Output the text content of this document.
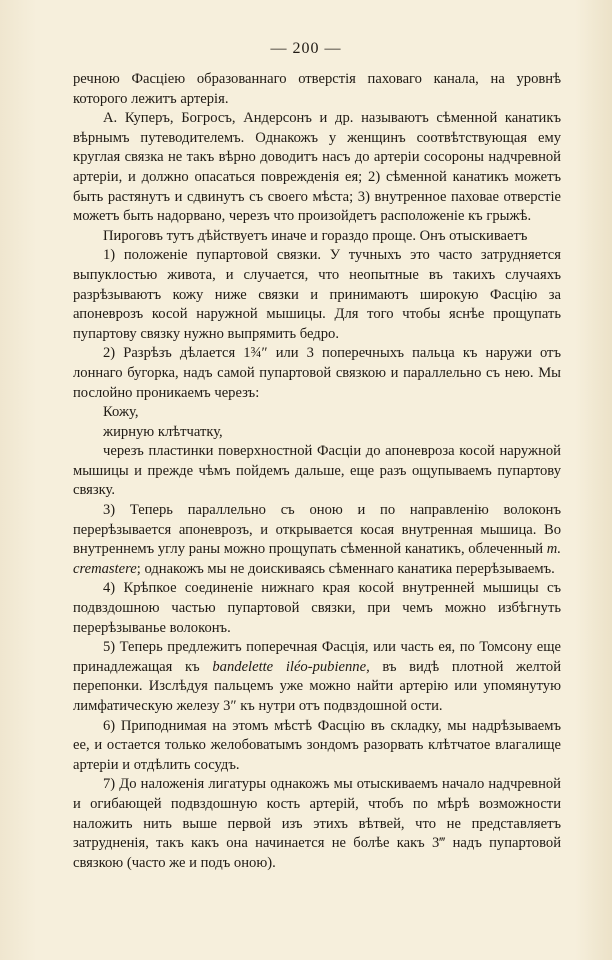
— 200 —

речною Фасціею образованнаго отверстія паховаго канала, на уровнѣ которого лежитъ артерія.

А. Куперъ, Богросъ, Андерсонъ и др. называютъ сѣменной канатикъ вѣрнымъ путеводителемъ. Однакожъ у женщинъ соотвѣтствующая ему круглая связка не такъ вѣрно доводитъ насъ до артеріи сосороны надчревной артеріи, и должно опасаться поврежденія ея; 2) сѣменной канатикъ можетъ быть растянутъ и сдвинутъ съ своего мѣста; 3) внутренное паховае отверстіе можетъ быть надорвано, черезъ что произойдетъ расположеніе къ грыжѣ.

Пироговъ тутъ дѣйствуетъ иначе и гораздо проще. Онъ отыскиваетъ

1) положеніе пупартовой связки. У тучныхъ это часто затрудняется выпуклостью живота, и случается, что неопытные въ такихъ случаяхъ разрѣзываютъ кожу ниже связки и принимаютъ широкую Фасцію за апоневрозъ косой наружной мышицы. Для того чтобы яснѣе прощупать пупартову связку нужно выпрямить бедро.

2) Разрѣзъ дѣлается 1¾″ или 3 поперечныхъ пальца къ наружи отъ лоннаго бугорка, надъ самой пупартовой связкою и параллельно съ нею. Мы послойно проникаемъ черезъ:

Кожу,

жирную клѣтчатку,

черезъ пластинки поверхностной Фасціи до апоневроза косой наружной мышицы и прежде чѣмъ пойдемъ дальше, еще разъ ощупываемъ пупартову связку.

3) Теперь параллельно съ оною и по направленію волоконъ перерѣзывается апоневрозъ, и открывается косая внутренная мышица. Во внутреннемъ углу раны можно прощупать сѣменной канатикъ, облеченный m. cremastere; однакожъ мы не доискиваясь сѣменнаго канатика перерѣзываемъ.

4) Крѣпкое соединеніе нижнаго края косой внутренней мышицы съ подвздошною частью пупартовой связки, при чемъ можно избѣгнуть перерѣзыванье волоконъ.

5) Теперь предлежитъ поперечная Фасція, или часть ея, по Томсону еще принадлежащая къ bandelette iléo-pubienne, въ видѣ плотной желтой перепонки. Изслѣдуя пальцемъ уже можно найти артерію или упомянутую лимфатическую железу 3″ къ нутри отъ подвздошной ости.

6) Приподнимая на этомъ мѣстѣ Фасцію въ складку, мы надрѣзываемъ ее, и остается только желобоватымъ зондомъ разорвать клѣтчатое влагалище артеріи и отдѣлить сосудъ.

7) До наложенія лигатуры однакожъ мы отыскиваемъ начало надчревной и огибающей подвздошную кость артерій, чтобъ по мѣрѣ возможности наложить нить выше первой изъ этихъ вѣтвей, что не представляетъ затрудненія, такъ какъ она начинается не болѣе какъ 3‴ надъ пупартовой связкою (часто же и подъ оною).
